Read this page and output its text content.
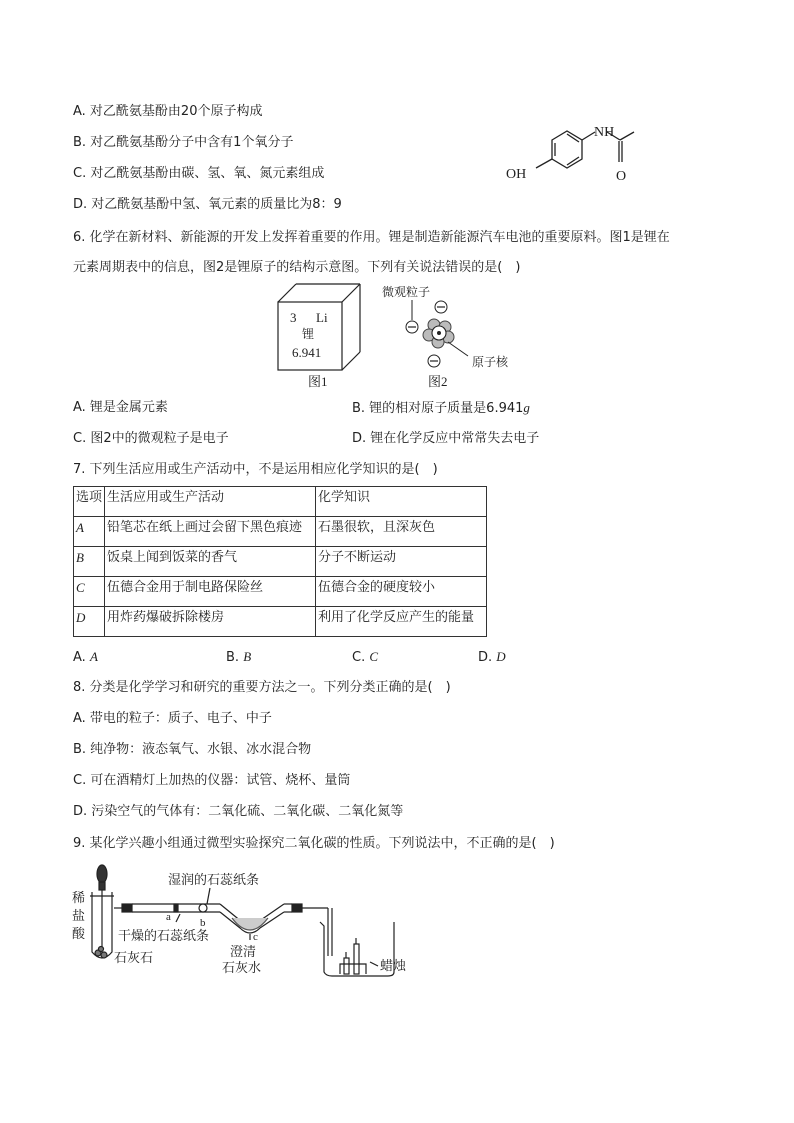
A. 对乙酰氨基酚由20个原子构成
B. 对乙酰氨基酚分子中含有1个氧分子
C. 对乙酰氨基酚由碳、氢、氧、氮元素组成
D. 对乙酰氨基酚中氢、氧元素的质量比为8：9
OH
NH
O
6. 化学在新材料、新能源的开发上发挥着重要的作用。锂是制造新能源汽车电池的重要原料。图1是锂在
元素周期表中的信息，图2是锂原子的结构示意图。下列有关说法错误的是(　)
3 Li
锂
6.941
图1
微观粒子
原子核
图2
A. 锂是金属元素	B. 锂的相对原子质量是6.941g
C. 图2中的微观粒子是电子	D. 锂在化学反应中常常失去电子
7. 下列生活应用或生产活动中，不是运用相应化学知识的是(　)
选项	生活应用或生产活动	化学知识
A	铅笔芯在纸上画过会留下黑色痕迹	石墨很软，且深灰色
B	饭桌上闻到饭菜的香气	分子不断运动
C	伍德合金用于制电路保险丝	伍德合金的硬度较小
D	用炸药爆破拆除楼房	利用了化学反应产生的能量
A. A	B. B	C. C	D. D
8. 分类是化学学习和研究的重要方法之一。下列分类正确的是(　)
A. 带电的粒子：质子、电子、中子
B. 纯净物：液态氧气、水银、冰水混合物
C. 可在酒精灯上加热的仪器：试管、烧杯、量筒
D. 污染空气的气体有：二氧化硫、二氧化碳、二氧化氮等
9. 某化学兴趣小组通过微型实验探究二氧化碳的性质。下列说法中，不正确的是(　)
稀
盐
酸
石灰石
湿润的石蕊纸条
干燥的石蕊纸条
a	b
c
澄清
石灰水	蜡烛
